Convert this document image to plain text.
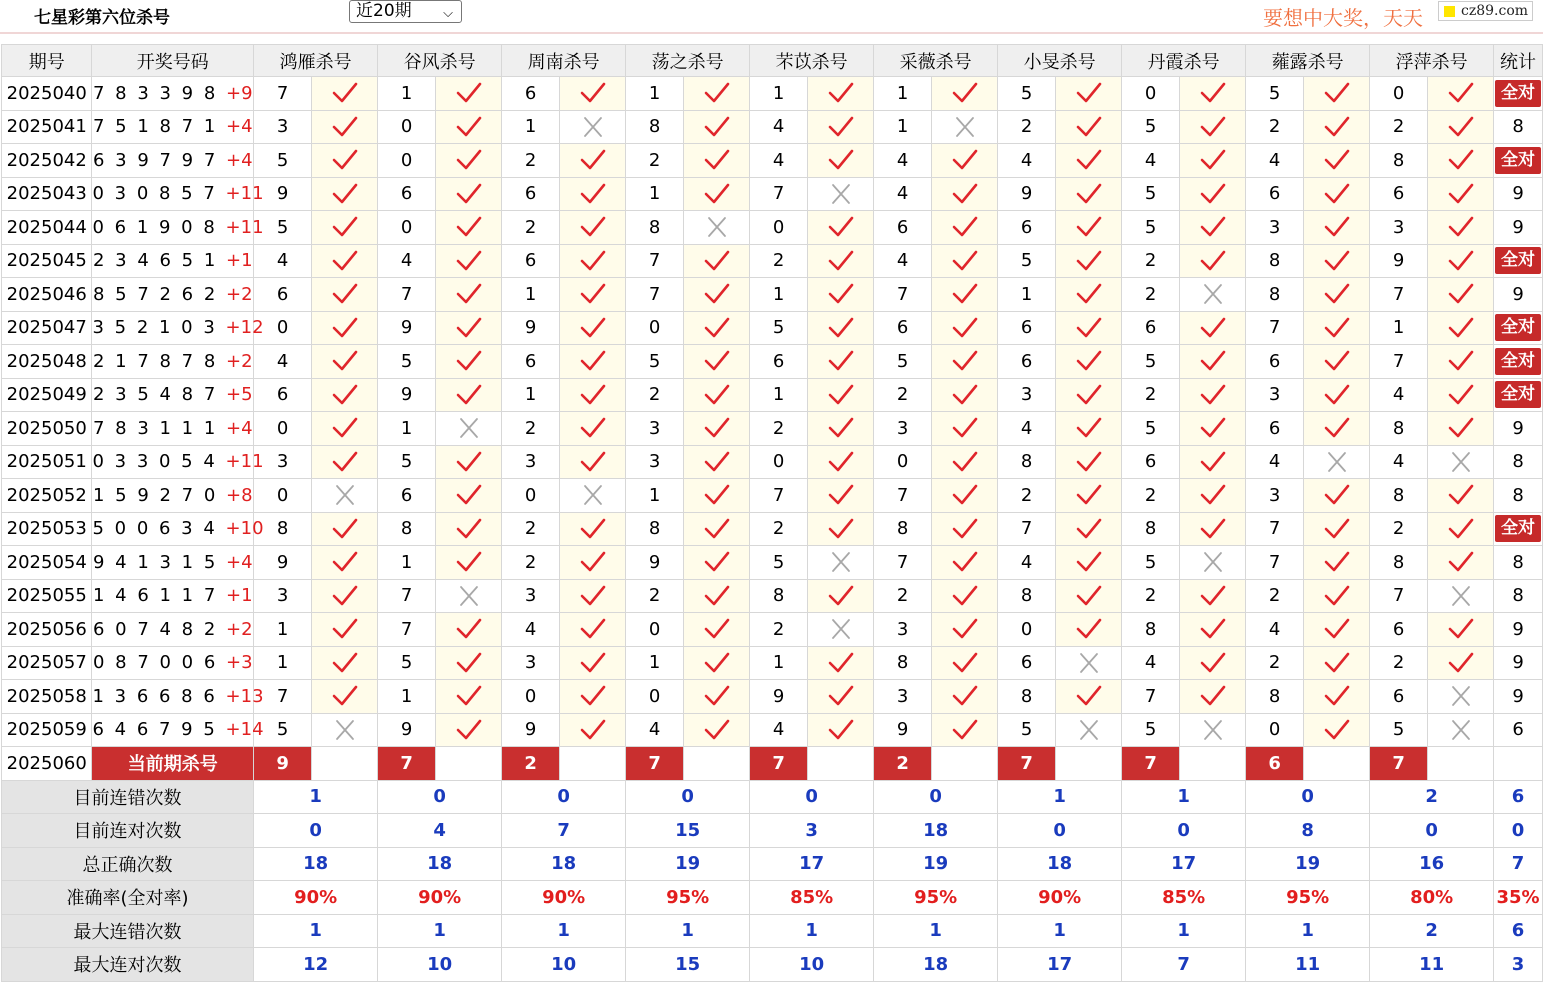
七星彩第六位杀号	近20期 ⌵	要想中大奖，天天	cz89.com
期号	开奖号码	鸿雁杀号		谷风杀号		周南杀号		荡之杀号		芣苡杀号		采薇杀号		小旻杀号		丹霞杀号		蕹露杀号		浮萍杀号		统计
2025040	7 8 3 3 9 8 +9	7		1		6		1		1		1		5		0		5		0		全对
2025041	7 5 1 8 7 1 +4	3		0		1		8		4		1		2		5		2		2		8
2025042	6 3 9 7 9 7 +4	5		0		2		2		4		4		4		4		4		8		全对
2025043	0 3 0 8 5 7 +11	9		6		6		1		7		4		9		5		6		6		9
2025044	0 6 1 9 0 8 +11	5		0		2		8		0		6		6		5		3		3		9
2025045	2 3 4 6 5 1 +1	4		4		6		7		2		4		5		2		8		9		全对
2025046	8 5 7 2 6 2 +2	6		7		1		7		1		7		1		2		8		7		9
2025047	3 5 2 1 0 3 +12	0		9		9		0		5		6		6		6		7		1		全对
2025048	2 1 7 8 7 8 +2	4		5		6		5		6		5		6		5		6		7		全对
2025049	2 3 5 4 8 7 +5	6		9		1		2		1		2		3		2		3		4		全对
2025050	7 8 3 1 1 1 +4	0		1		2		3		2		3		4		5		6		8		9
2025051	0 3 3 0 5 4 +11	3		5		3		3		0		0		8		6		4		4		8
2025052	1 5 9 2 7 0 +8	0		6		0		1		7		7		2		2		3		8		8
2025053	5 0 0 6 3 4 +10	8		8		2		8		2		8		7		8		7		2		全对
2025054	9 4 1 3 1 5 +4	9		1		2		9		5		7		4		5		7		8		8
2025055	1 4 6 1 1 7 +1	3		7		3		2		8		2		8		2		2		7		8
2025056	6 0 7 4 8 2 +2	1		7		4		0		2		3		0		8		4		6		9
2025057	0 8 7 0 0 6 +3	1		5		3		1		1		8		6		4		2		2		9
2025058	1 3 6 6 8 6 +13	7		1		0		0		9		3		8		7		8		6		9
2025059	6 4 6 7 9 5 +14	5		9		9		4		4		9		5		5		0		5		6
2025060	当前期杀号	9		7		2		7		7		2		7		7		6		7		
目前连错次数		1		0		0		0		0		0		1		1		0		2		6
目前连对次数		0		4		7		15		3		18		0		0		8		0		0
总正确次数		18		18		18		19		17		19		18		17		19		16		7
准确率(全对率)		90%		90%		90%		95%		85%		95%		90%		85%		95%		80%		35%
最大连错次数		1		1		1		1		1		1		1		1		1		2		6
最大连对次数		12		10		10		15		10		18		17		7		11		11		3
